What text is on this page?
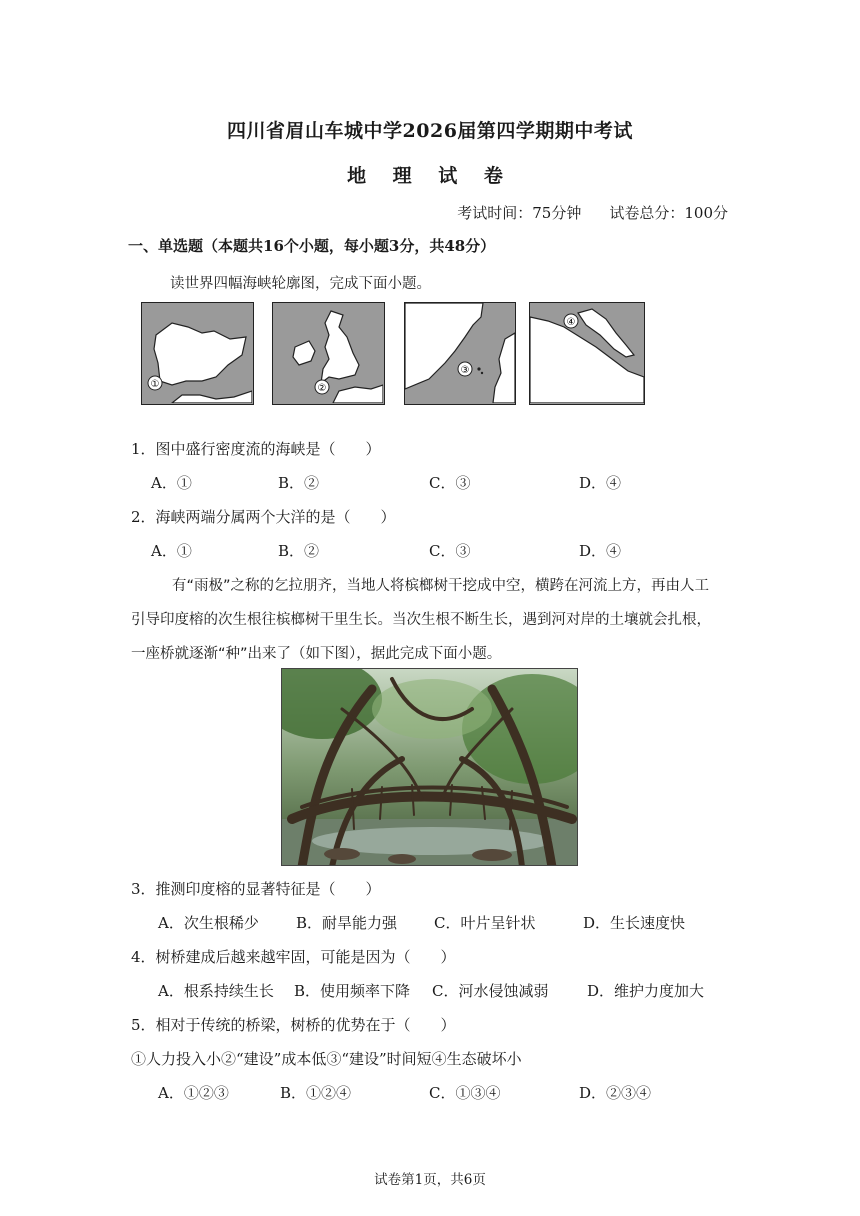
四川省眉山车城中学2026届第四学期期中考试
地 理 试 卷
考试时间：75分钟 试卷总分：100分
一、单选题（本题共16个小题，每小题3分，共48分）
读世界四幅海峡轮廓图，完成下面小题。
①	②
③
④
1．图中盛行密度流的海峡是（　　）
A．①	B．②	C．③	D．④
2．海峡两端分属两个大洋的是（　　）
A．①	B．②	C．③	D．④
有“雨极”之称的乞拉朋齐，当地人将槟榔树干挖成中空，横跨在河流上方，再由人工
引导印度榕的次生根往槟榔树干里生长。当次生根不断生长，遇到河对岸的土壤就会扎根，
一座桥就逐渐“种”出来了（如下图），据此完成下面小题。
3．推测印度榕的显著特征是（　　）
A．次生根稀少 B．耐旱能力强 C．叶片呈针状	D．生长速度快
4．树桥建成后越来越牢固，可能是因为（　　）
A．根系持续生长 B．使用频率下降 C．河水侵蚀减弱	D．维护力度加大
5．相对于传统的桥梁，树桥的优势在于（　　）
①人力投入小②“建设”成本低③“建设”时间短④生态破坏小
A．①②③	B．①②④	C．①③④	D．②③④
试卷第1页，共6页
